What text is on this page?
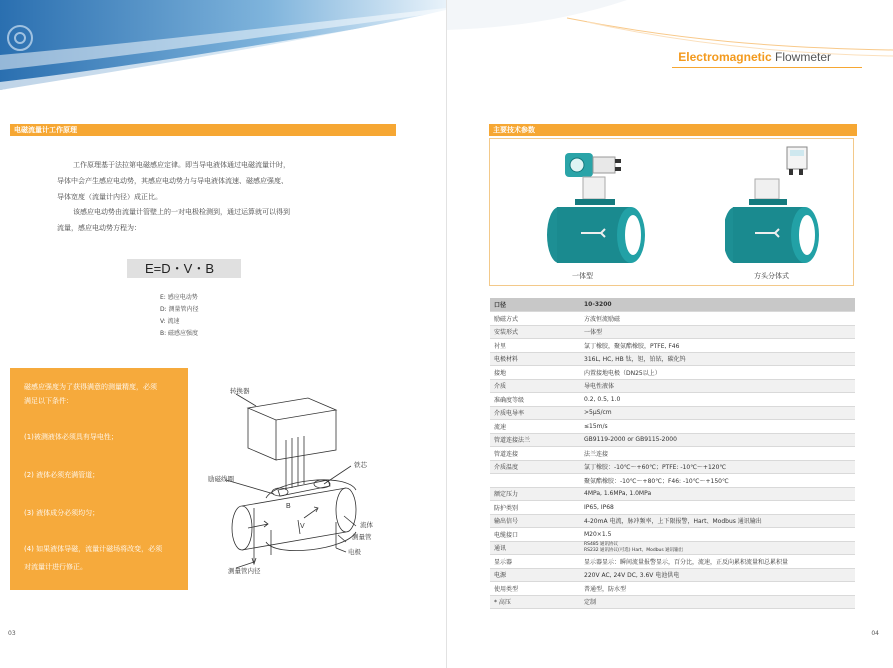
电磁流量计工作原理
工作原理基于法拉第电磁感应定律。即当导电液体通过电磁流量计时，
导体中会产生感应电动势，其感应电动势力与导电液体流速、磁感应强度、
导体宽度（流量计内径）成正比。
该感应电动势由流量计管壁上的一对电极检测到，通过运算就可以得到
流量，感应电动势方程为：
E=D・V・B
E: 感应电动势
D: 测量管内径
V: 流速
B: 磁感应强度
磁感应强度为了获得满意的测量精度，必须
满足以下条件：
(1)被测液体必须具有导电性；
(2) 液体必须充满管道；
(3) 液体成分必须均匀；
(4) 如果液体导磁，流量计磁场将改变，必须
对流量计进行修正。
B
V
转换器
励磁线圈
铁芯
流体
测量管
电极
测量管内径
03
Electromagnetic Flowmeter
主要技术参数
一体型	方头分体式
口径	10-3200
励磁方式	方波恒流励磁
安装形式	一体型
衬里	氯丁橡胶，聚氨酯橡胶，PTFE, F46
电极材料	316L, HC, HB 钛，钽，铂铱，碳化钨
接地	内置接地电极（DN25以上）
介质	导电性液体
准确度等级	0.2, 0.5, 1.0
介质电导率	>5μS/cm
流速	≤15m/s
管道连接法兰	GB9119-2000 or GB9115-2000
管道连接	法兰连接
介质温度	氯丁橡胶：-10℃～+60℃；PTFE: -10℃～+120℃
	聚氨酯橡胶：-10℃～+80℃；F46: -10℃～+150℃
额定压力	4MPa, 1.6MPa, 1.0MPa
防护类别	IP65, IP68
输出信号	4-20mA 电流，脉冲频率，上下限报警，Hart、Modbus 通讯输出
电缆接口	M20×1.5
通讯	RS485 通讯协议
RS232 通讯协议(可选) Hart、Modbus 通讯输出

显示器	显示器显示：瞬间流量报警显示，百分比，流速，正反向累积流量和总累积量
电源	220V AC, 24V DC, 3.6V 电池供电
使用类型	普通型，防水型
* 高压	定制
04
